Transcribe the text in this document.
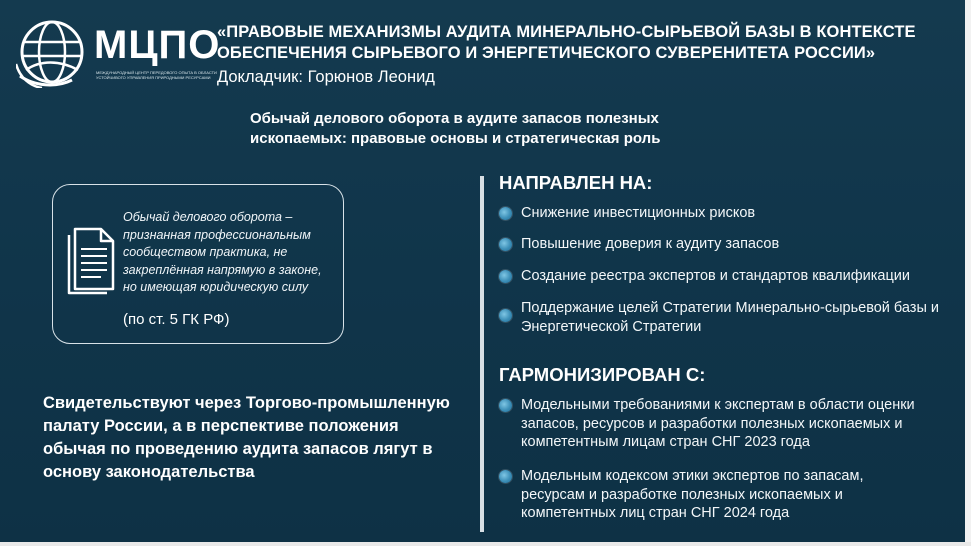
МЦПО
МЕЖДУНАРОДНЫЙ ЦЕНТР ПЕРЕДОВОГО ОПЫТА В ОБЛАСТИ УСТОЙЧИВОГО УПРАВЛЕНИЯ ПРИРОДНЫМИ РЕСУРСАМИ
«ПРАВОВЫЕ МЕХАНИЗМЫ АУДИТА МИНЕРАЛЬНО-СЫРЬЕВОЙ БАЗЫ В КОНТЕКСТЕ ОБЕСПЕЧЕНИЯ СЫРЬЕВОГО И ЭНЕРГЕТИЧЕСКОГО СУВЕРЕНИТЕТА РОССИИ»
Докладчик: Горюнов Леонид
Обычай делового оборота в аудите запасов полезных ископаемых: правовые основы и стратегическая роль
Обычай делового оборота – признанная профессиональным сообществом практика, не закреплённая напрямую в законе, но имеющая юридическую силу
(по ст. 5 ГК РФ)
Свидетельствуют через Торгово-промышленную палату России, а в перспективе положения обычая по проведению аудита запасов лягут в основу законодательства
НАПРАВЛЕН НА:
Снижение инвестиционных рисков
Повышение доверия к аудиту запасов
Создание реестра экспертов и стандартов квалификации
Поддержание целей Стратегии Минерально-сырьевой базы и Энергетической Стратегии
ГАРМОНИЗИРОВАН С:
Модельными требованиями к экспертам в области оценки запасов, ресурсов и разработки полезных ископаемых и компетентным лицам стран СНГ 2023 года
Модельным кодексом этики экспертов по запасам, ресурсам и разработке полезных ископаемых и компетентных лиц стран СНГ 2024 года
